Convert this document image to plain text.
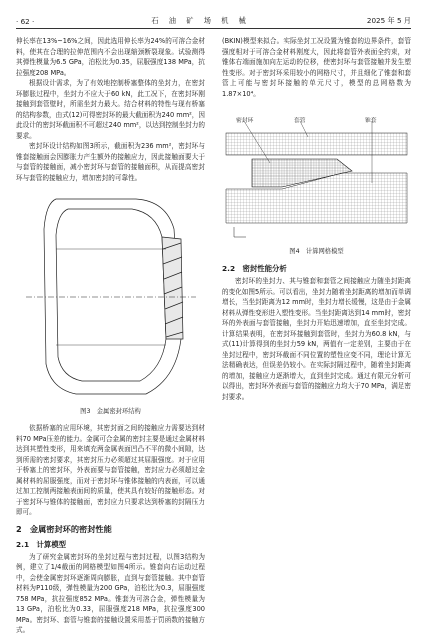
· 62 ·	石 油 矿 场 机 械	2025 年 5 月

伸长率在13%~16%之间，因此选用伸长率为24%的可溶合金材料，使其在合理的拉伸范围内不会出现缩颈断裂现象。试验测得其弹性模量为6.5 GPa，泊松比为0.35，屈服强度138 MPa，抗拉强度208 MPa。

根据设计需求，为了有效地控制桥塞整体的坐封力，在密封环膨胀过程中，坐封力不应大于60 kN，此工况下，在密封环刚接触到套管壁时，所需坐封力最大。结合材料的特性与现有桥塞的结构参数，由式(12)可得密封环的最大截面积为240 mm²，因此设计的密封环截面积不可超过240 mm²，以达到控制坐封力的要求。

密封环设计结构如图3所示，截面积为236 mm²，密封环与锥套接触面会因膨胀力产生额外的接触应力，因此接触面要大于与套管的接触面，减小密封环与套管的接触面积，从而提高密封环与套管的接触应力，增加密封的可靠性。

图3　金属密封环结构

依据桥塞的应用环境，其密封面之间的接触应力需要达到材料70 MPa压差的能力。金属可合金属的密封主要是通过金属材料达到其塑性变形，用来填充两金属表面凹凸不平的微小间隙，达到所需的密封要求，其密封压力必须超过其屈服强度。对于应用于桥塞上的密封环，外表面要与套管接触，密封应力必须超过金属材料的屈服强度，而对于密封环与锥体接触的内表面，可以通过加工控制两接触表面间的质量，使其具有较好的接触形态。对于密封环与锥体的接触面，密封应力只要求达到桥塞的封隔压力即可。

2　金属密封环的密封性能
2.1　计算模型

为了研究金属密封环的坐封过程与密封过程，以图3结构为例，建立了1/4截面的网格模型如图4所示。锥套向右运动过程中，会使金属密封环逐渐周向膨胀，直到与套管接触。其中套管材料为P110级，弹性模量为200 GPa，泊松比为0.3，屈服强度758 MPa，抗拉强度852 MPa。锥套为可溶合金，弹性模量为13 GPa，泊松比为0.33，屈服强度218 MPa，抗拉强度300 MPa。密封环、套管与锥套的接触设置采用基于罚函数的接触方式。

(BKIN)模型来拟合。实际坐封工况设置为锥套的边界条件，套管强度相对于可溶合金材料刚度大，因此将套管外表面全约束，对锥体右端面施加向左运动的位移，使密封环与套管接触并发生塑性变形。对于密封环采用较小的网格尺寸，并且细化了锥套和套管上可能与密封环接触的单元尺寸，模型的总网格数为1.87×10⁴。

密封环	套管	锥套
图4　计算网格模型
2.2　密封性能分析

密封环的坐封力、其与锥套和套管之间接触应力随坐封距离的变化如图5所示。可以看出，坐封力随着坐封距离的增加而单调增长，当坐封距离为12 mm时，坐封力增长缓慢，这是由于金属材料从弹性变形进入塑性变形。当坐封距离达到14 mm时，密封环的外表面与套管接触，坐封力开始迅速增加，直至坐封完成。计算结果表明，在密封环接触到套管时，坐封力为60.8 kN，与式(11)计算得到的坐封力59 kN，两值有一定差别，主要由于在坐封过程中，密封环截面不同位置的塑性应变不同，理论计算无法精确表达，但误差仍较小。在实际封隔过程中，随着坐封距离的增加，接触应力逐渐增大，直到坐封完成。通过有限元分析可以得出，密封环外表面与套管的接触应力均大于70 MPa，满足密封要求。
